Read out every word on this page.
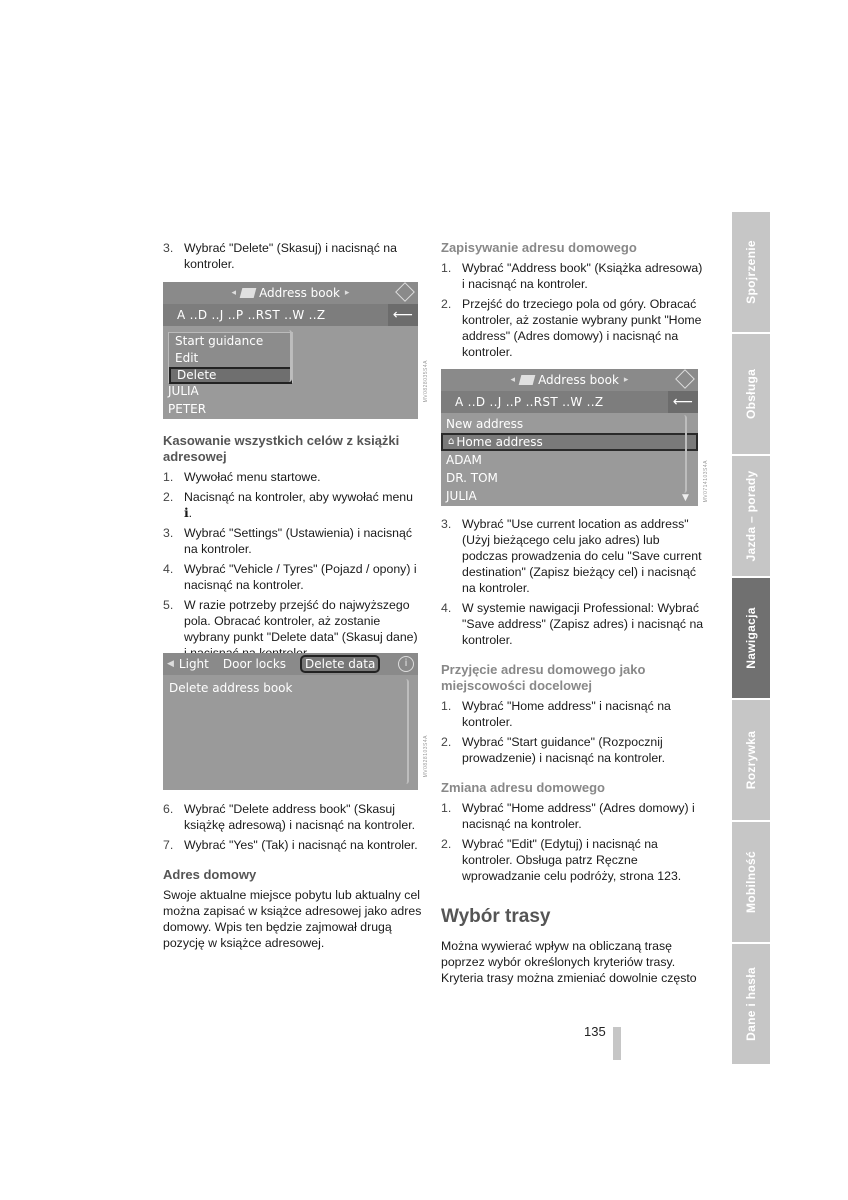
3. Wybrać "Delete" (Skasuj) i nacisnąć na kontroler.
◂ Address book ▸
A ..D ..J ..P ..RST ..W ..Z	⟵
Start guidance
Edit
Delete
JULIA
PETER
MV0828035S4A
Kasowanie wszystkich celów z książki adresowej
1. Wywołać menu startowe.
2. Nacisnąć na kontroler, aby wywołać menu ℹ.
3. Wybrać "Settings" (Ustawienia) i nacisnąć na kontroler.
4. Wybrać "Vehicle / Tyres" (Pojazd / opony) i nacisnąć na kontroler.
5. W razie potrzeby przejść do najwyższego pola. Obracać kontroler, aż zostanie wybrany punkt "Delete data" (Skasuj dane)
◀ Light Door locks	Delete data	i
Delete address book
MV0828103S4A
6. Wybrać "Delete address book" (Skasuj książkę adresową) i nacisnąć na kontroler.
7. Wybrać "Yes" (Tak) i nacisnąć na kontroler.
Adres domowy
Swoje aktualne miejsce pobytu lub aktualny cel można zapisać w książce adresowej jako adres domowy. Wpis ten będzie zajmował drugą pozycję w książce adresowej.
Zapisywanie adresu domowego
1. Wybrać "Address book" (Książka adresowa) i nacisnąć na kontroler.
2. Przejść do trzeciego pola od góry. Obracać kontroler, aż zostanie wybrany punkt "Home address" (Adres domowy) i nacisnąć na kontroler.
◂ Address book ▸
A ..D ..J ..P ..RST ..W ..Z	⟵
New address
⌂ Home address
ADAM
DR. TOM
JULIA	▼	MV0714103S4A
3. Wybrać "Use current location as address" (Użyj bieżącego celu jako adres) lub podczas prowadzenia do celu "Save current destination" (Zapisz bieżący cel) i nacisnąć na kontroler.
4. W systemie nawigacji Professional: Wybrać "Save address" (Zapisz adres) i nacisnąć na kontroler.
Przyjęcie adresu domowego jako miejscowości docelowej
1. Wybrać "Home address" i nacisnąć na kontroler.
2. Wybrać "Start guidance" (Rozpocznij prowadzenie) i nacisnąć na kontroler.
Zmiana adresu domowego
1. Wybrać "Home address" (Adres domowy) i nacisnąć na kontroler.
2. Wybrać "Edit" (Edytuj) i nacisnąć na kontroler. Obsługa patrz Ręczne wprowadzanie celu podróży, strona 123.
Wybór trasy
Można wywierać wpływ na obliczaną trasę poprzez wybór określonych kryteriów trasy. Kryteria trasy można zmieniać dowolnie często
Spojrzenie
Obsługa
Jazda – porady
Nawigacja
Rozrywka
Mobilność
Dane i hasła
135
